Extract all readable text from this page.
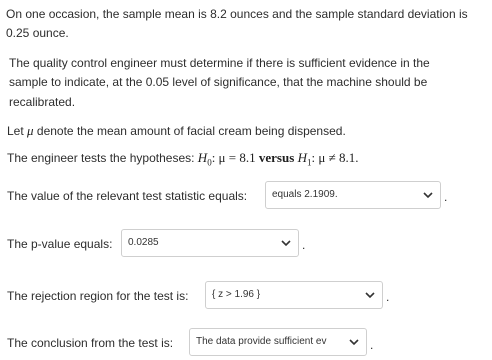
On one occasion, the sample mean is 8.2 ounces and the sample standard deviation is
0.25 ounce.
The quality control engineer must determine if there is sufficient evidence in the
sample to indicate, at the 0.05 level of significance, that the machine should be
recalibrated.
Let μ denote the mean amount of facial cream being dispensed.
The engineer tests the hypotheses: $H_0$: μ = 8.1 versus $H_1$: μ ≠ 8.1.
The value of the relevant test statistic equals: equals 2.1909.	.
The p-value equals: 0.0285	.
The rejection region for the test is: { z > 1.96 }	.
The conclusion from the test is: The data provide sufficient ev	.
